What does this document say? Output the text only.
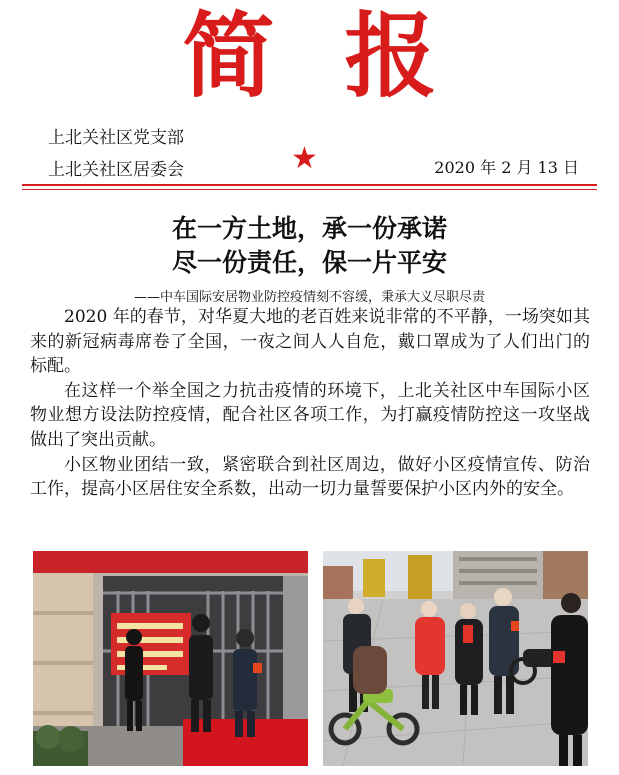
简报
上北关社区党支部
上北关社区居委会	★	2020 年 2 月 13 日
在一方土地，承一份承诺
尽一份责任，保一片平安
——中车国际安居物业防控疫情刻不容缓，秉承大义尽职尽责

2020 年的春节，对华夏大地的老百姓来说非常的不平静，一场突如其来的新冠病毒席卷了全国，一夜之间人人自危，戴口罩成为了人们出门的标配。

在这样一个举全国之力抗击疫情的环境下，上北关社区中车国际小区物业想方设法防控疫情，配合社区各项工作，为打赢疫情防控这一攻坚战做出了突出贡献。

小区物业团结一致，紧密联合到社区周边，做好小区疫情宣传、防治工作，提高小区居住安全系数，出动一切力量誓要保护小区内外的安全。
